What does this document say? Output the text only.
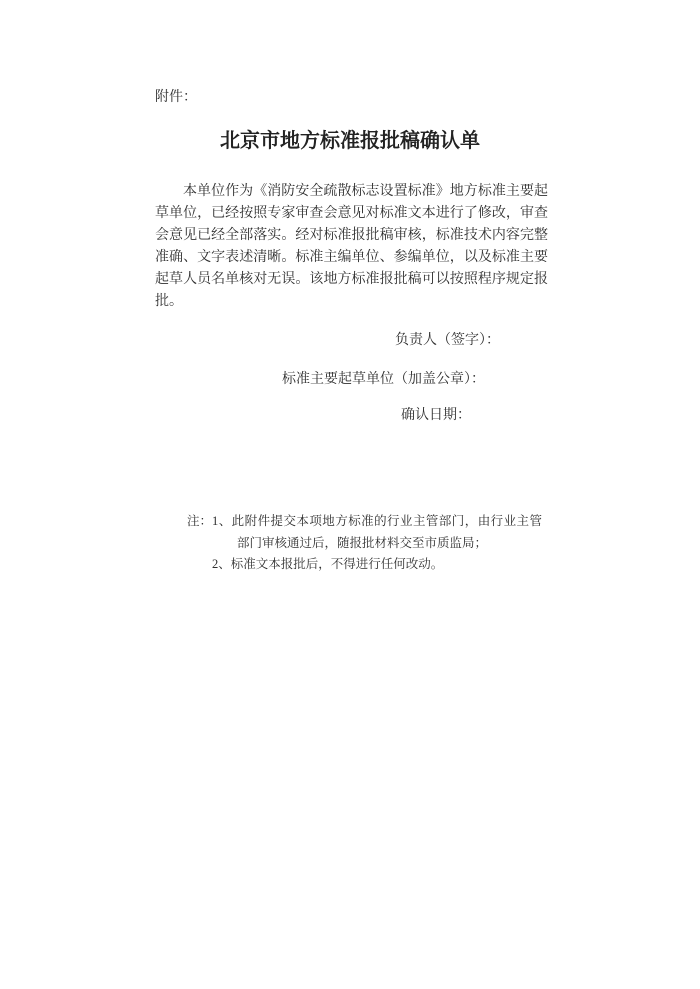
附件：
北京市地方标准报批稿确认单

本单位作为《消防安全疏散标志设置标准》地方标准主要起草单位，已经按照专家审查会意见对标准文本进行了修改，审查会意见已经全部落实。经对标准报批稿审核，标准技术内容完整准确、文字表述清晰。标准主编单位、参编单位，以及标准主要起草人员名单核对无误。该地方标准报批稿可以按照程序规定报批。

负责人（签字）：
标准主要起草单位（加盖公章）：
确认日期：
注： 1、此附件提交本项地方标准的行业主管部门，由行业主管部门审核通过后，随报批材料交至市质监局；
2、标准文本报批后，不得进行任何改动。
